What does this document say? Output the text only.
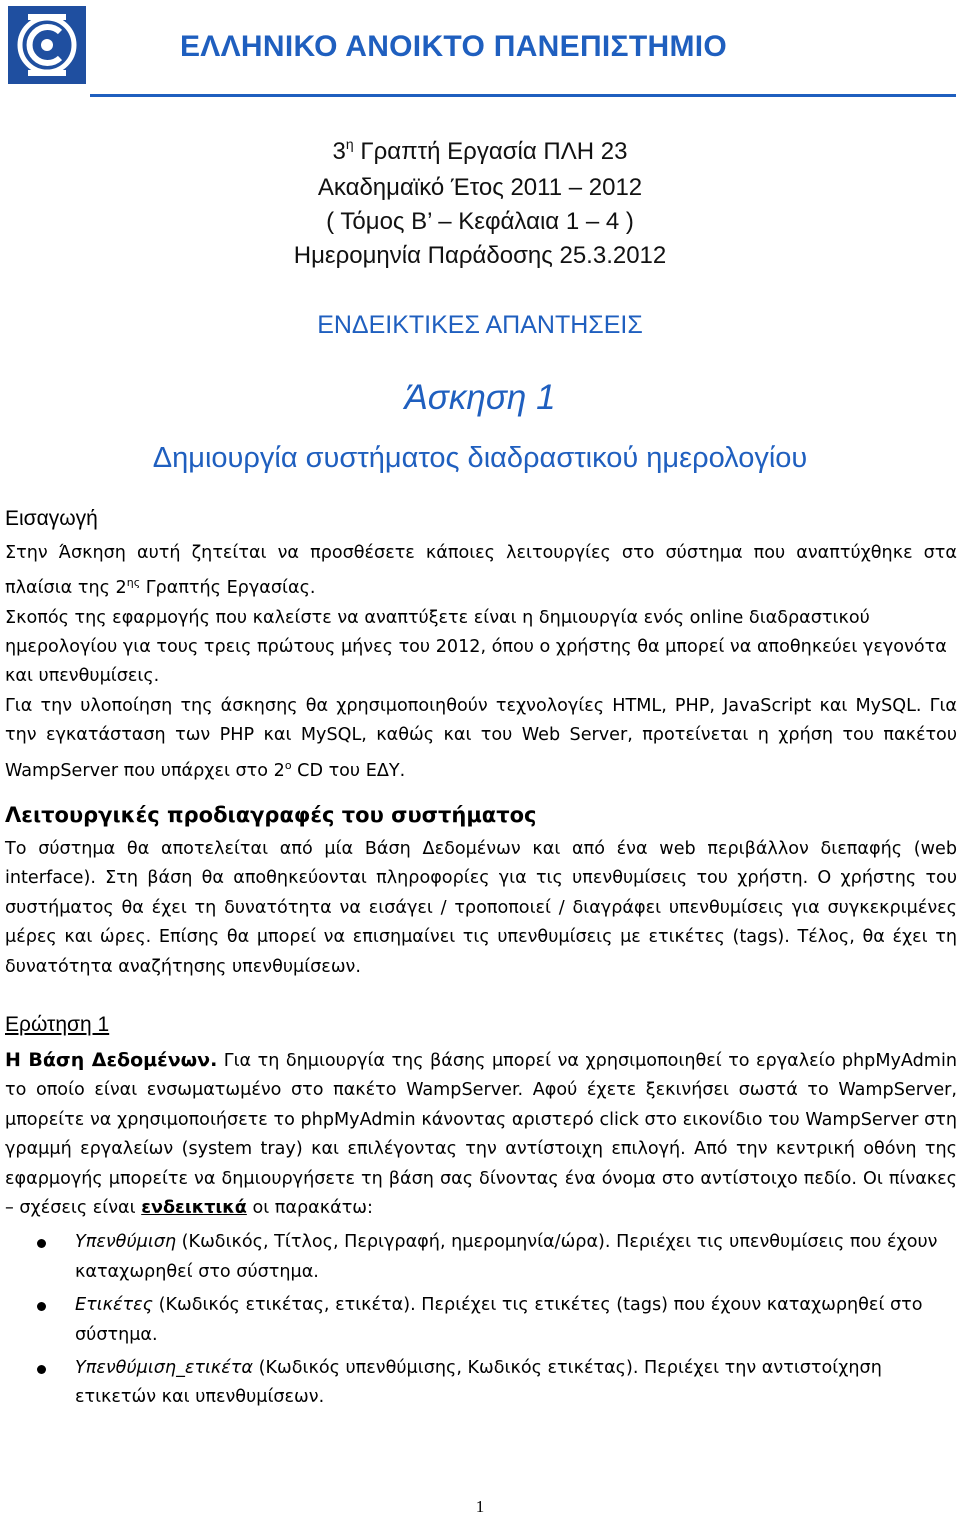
ΕΛΛΗΝΙΚΟ ΑΝΟΙΚΤΟ ΠΑΝΕΠΙΣΤΗΜΙΟ
$3^\eta$ Γραπτή Εργασία ΠΛΗ 23
Ακαδημαϊκό Έτος 2011 – 2012
( Τόμος Β’ – Κεφάλαια 1 – 4 )
Ημερομηνία Παράδοσης 25.3.2012
ΕΝΔΕΙΚΤΙΚΕΣ ΑΠΑΝΤΗΣΕΙΣ
Άσκηση 1
Δημιουργία συστήματος διαδραστικού ημερολογίου
Εισαγωγή

Στην Άσκηση αυτή ζητείται να προσθέσετε κάποιες λειτουργίες στο σύστημα που αναπτύχθηκε στα πλαίσια της $2^{\eta\varsigma}$ Γραπτής Εργασίας.

Σκοπός της εφαρμογής που καλείστε να αναπτύξετε είναι η δημιουργία ενός online διαδραστικού ημερολογίου για τους τρεις πρώτους μήνες του 2012, όπου ο χρήστης θα μπορεί να αποθηκεύει γεγονότα και υπενθυμίσεις.

Για την υλοποίηση της άσκησης θα χρησιμοποιηθούν τεχνολογίες HTML, PHP, JavaScript και MySQL. Για την εγκατάσταση των PHP και MySQL, καθώς και του Web Server, προτείνεται η χρήση του πακέτου WampServer που υπάρχει στο $2^o$ CD του ΕΔΥ.

Λειτουργικές προδιαγραφές του συστήματος

Το σύστημα θα αποτελείται από μία Βάση Δεδομένων και από ένα web περιβάλλον διεπαφής (web interface). Στη βάση θα αποθηκεύονται πληροφορίες για τις υπενθυμίσεις του χρήστη. Ο χρήστης του συστήματος θα έχει τη δυνατότητα να εισάγει / τροποποιεί / διαγράφει υπενθυμίσεις για συγκεκριμένες μέρες και ώρες. Επίσης θα μπορεί να επισημαίνει τις υπενθυμίσεις με ετικέτες (tags). Τέλος, θα έχει τη δυνατότητα αναζήτησης υπενθυμίσεων.

Ερώτηση 1

Η Βάση Δεδομένων. Για τη δημιουργία της βάσης μπορεί να χρησιμοποιηθεί το εργαλείο phpMyAdmin το οποίο είναι ενσωματωμένο στο πακέτο WampServer. Αφού έχετε ξεκινήσει σωστά το WampServer, μπορείτε να χρησιμοποιήσετε το phpMyAdmin κάνοντας αριστερό click στο εικονίδιο του WampServer στη γραμμή εργαλείων (system tray) και επιλέγοντας την αντίστοιχη επιλογή. Από την κεντρική οθόνη της εφαρμογής μπορείτε να δημιουργήσετε τη βάση σας δίνοντας ένα όνομα στο αντίστοιχο πεδίο. Οι πίνακες – σχέσεις είναι ενδεικτικά οι παρακάτω:

Υπενθύμιση (Κωδικός, Τίτλος, Περιγραφή, ημερομηνία/ώρα). Περιέχει τις υπενθυμίσεις που έχουν καταχωρηθεί στο σύστημα.
Ετικέτες (Κωδικός ετικέτας, ετικέτα). Περιέχει τις ετικέτες (tags) που έχουν καταχωρηθεί στο σύστημα.
Υπενθύμιση_ετικέτα (Κωδικός υπενθύμισης, Κωδικός ετικέτας). Περιέχει την αντιστοίχηση ετικετών και υπενθυμίσεων.
1
